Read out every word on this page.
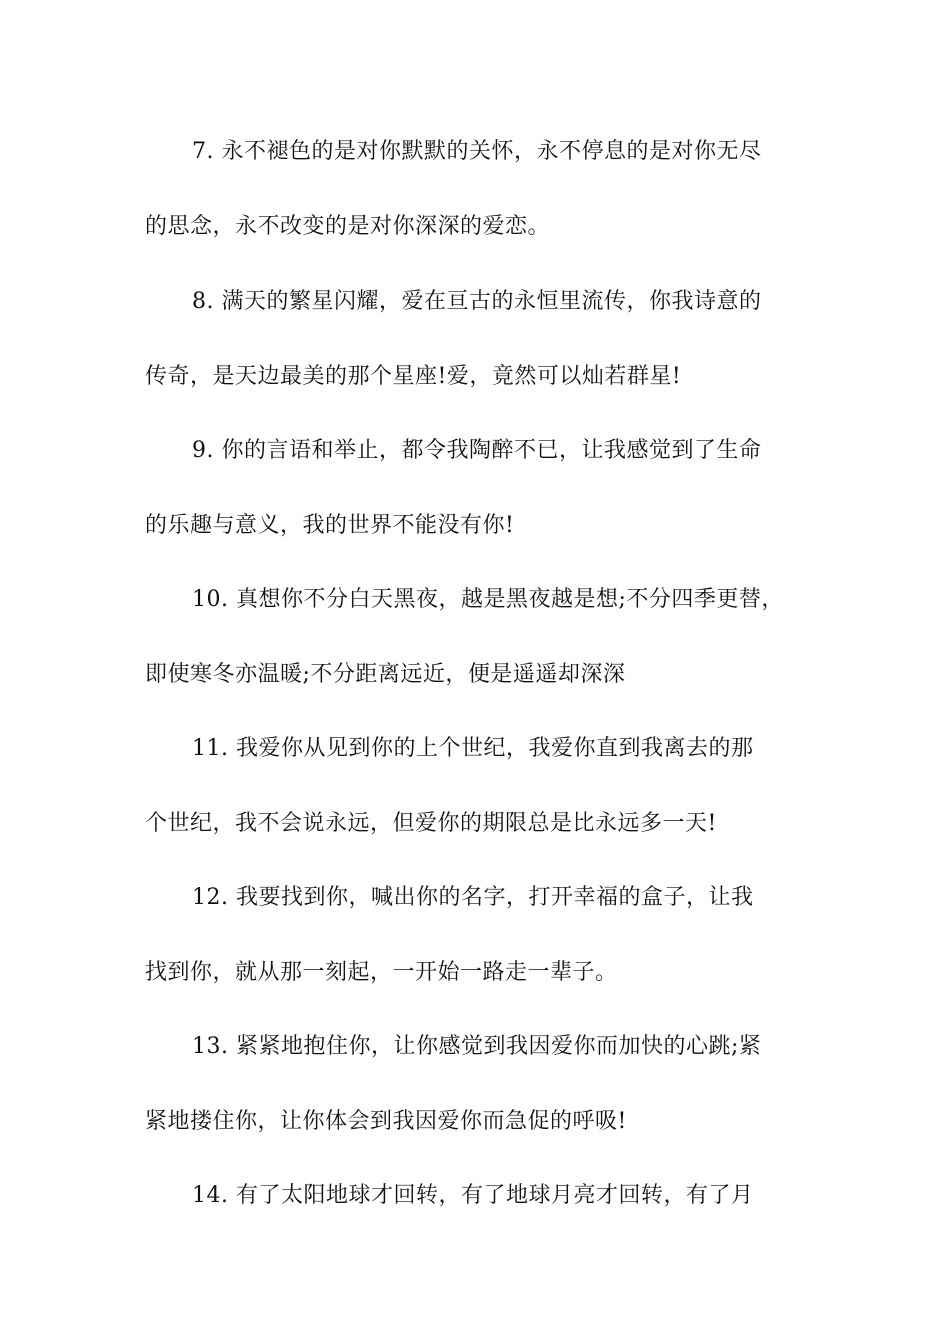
7. 永不褪色的是对你默默的关怀，永不停息的是对你无尽
的思念，永不改变的是对你深深的爱恋。
8. 满天的繁星闪耀，爱在亘古的永恒里流传，你我诗意的
传奇，是天边最美的那个星座!爱，竟然可以灿若群星!
9. 你的言语和举止，都令我陶醉不已，让我感觉到了生命
的乐趣与意义，我的世界不能没有你!
10. 真想你不分白天黑夜，越是黑夜越是想;不分四季更替，
即使寒冬亦温暖;不分距离远近，便是遥遥却深深
11. 我爱你从见到你的上个世纪，我爱你直到我离去的那
个世纪，我不会说永远，但爱你的期限总是比永远多一天!
12. 我要找到你，喊出你的名字，打开幸福的盒子，让我
找到你，就从那一刻起，一开始一路走一辈子。
13. 紧紧地抱住你，让你感觉到我因爱你而加快的心跳;紧
紧地搂住你，让你体会到我因爱你而急促的呼吸!
14. 有了太阳地球才回转，有了地球月亮才回转，有了月
